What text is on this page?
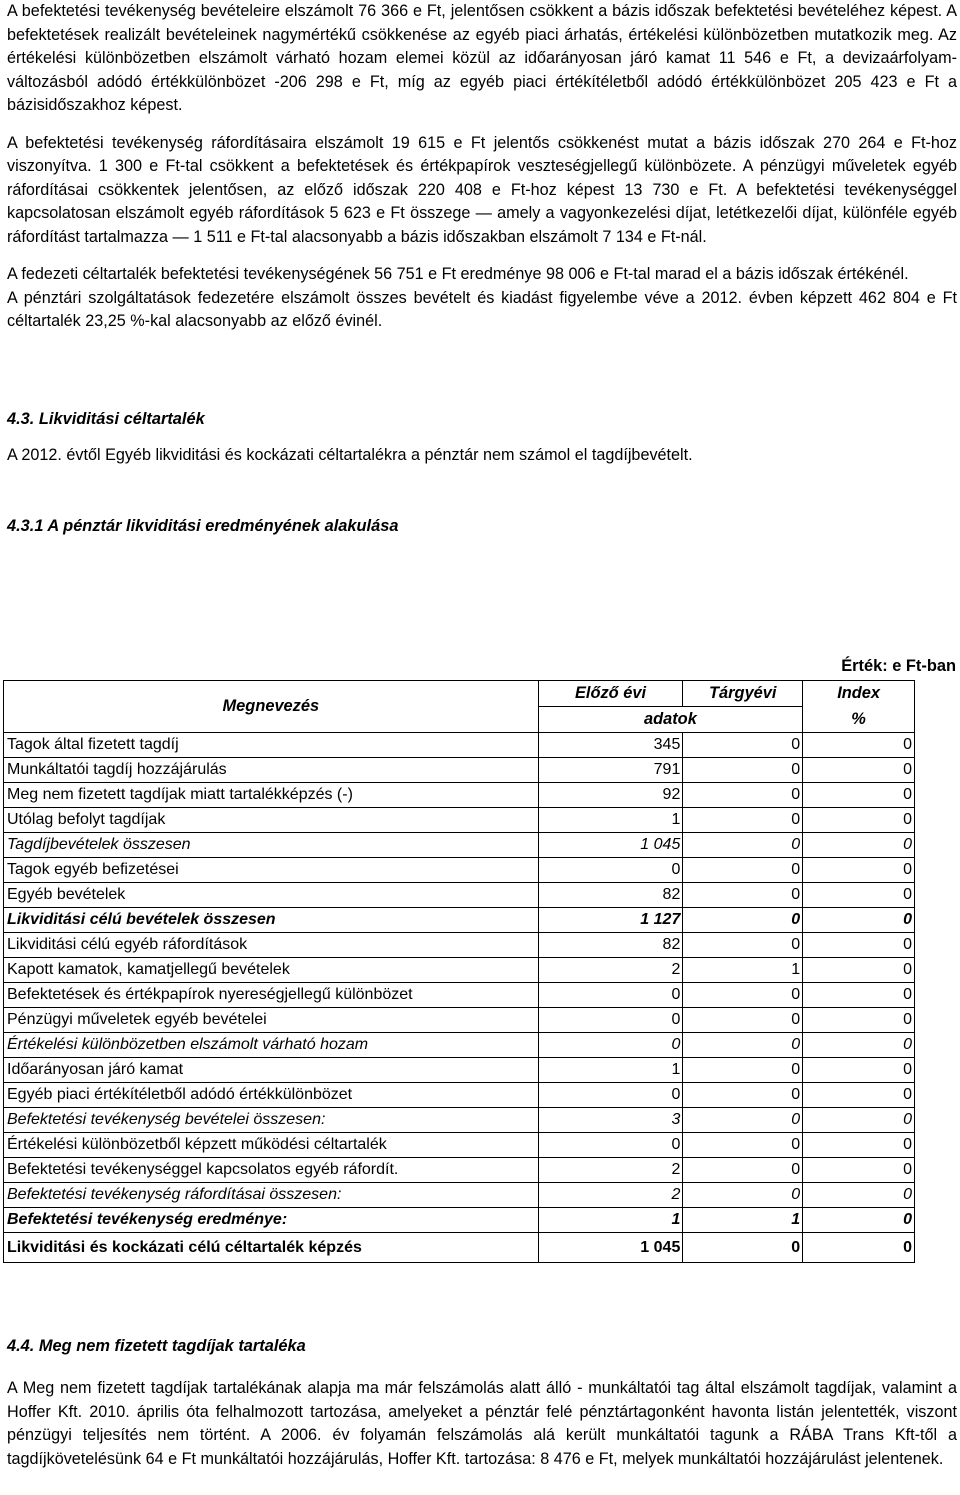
A befektetési tevékenység bevételeire elszámolt 76 366 e Ft, jelentősen csökkent a bázis időszak befektetési bevételéhez képest. A befektetések realizált bevételeinek nagymértékű csökkenése az egyéb piaci árhatás, értékelési különbözetben mutatkozik meg. Az értékelési különbözetben elszámolt várható hozam elemei közül az időarányosan járó kamat 11 546 e Ft, a devizaárfolyam-változásból adódó értékkülönbözet -206 298 e Ft, míg az egyéb piaci értékítéletből adódó értékkülönbözet 205 423 e Ft a bázisidőszakhoz képest.

A befektetési tevékenység ráfordításaira elszámolt 19 615 e Ft jelentős csökkenést mutat a bázis időszak 270 264 e Ft-hoz viszonyítva. 1 300 e Ft-tal csökkent a befektetések és értékpapírok veszteségjellegű különbözete. A pénzügyi műveletek egyéb ráfordításai csökkentek jelentősen, az előző időszak 220 408 e Ft-hoz képest 13 730 e Ft. A befektetési tevékenységgel kapcsolatosan elszámolt egyéb ráfordítások 5 623 e Ft összege — amely a vagyonkezelési díjat, letétkezelői díjat, különféle egyéb ráfordítást tartalmazza — 1 511 e Ft-tal alacsonyabb a bázis időszakban elszámolt 7 134 e Ft-nál.

A fedezeti céltartalék befektetési tevékenységének 56 751 e Ft eredménye 98 006 e Ft-tal marad el a bázis időszak értékénél.

A pénztári szolgáltatások fedezetére elszámolt összes bevételt és kiadást figyelembe véve a 2012. évben képzett 462 804 e Ft céltartalék 23,25 %-kal alacsonyabb az előző évinél.

4.3. Likviditási céltartalék

A 2012. évtől Egyéb likviditási és kockázati céltartalékra a pénztár nem számol el tagdíjbevételt.

4.3.1 A pénztár likviditási eredményének alakulása
Érték: e Ft-ban
Megnevezés	Előző évi	Tárgyévi	Index
	adatok		%
Tagok által fizetett tagdíj	345	0	0
Munkáltatói tagdíj hozzájárulás	791	0	0
Meg nem fizetett tagdíjak miatt tartalékképzés (-)	92	0	0
Utólag befolyt tagdíjak	1	0	0
Tagdíjbevételek összesen	1 045	0	0
Tagok egyéb befizetései	0	0	0
Egyéb bevételek	82	0	0
Likviditási célú bevételek összesen	1 127	0	0
Likviditási célú egyéb ráfordítások	82	0	0
Kapott kamatok, kamatjellegű bevételek	2	1	0
Befektetések és értékpapírok nyereségjellegű különbözet	0	0	0
Pénzügyi műveletek egyéb bevételei	0	0	0
Értékelési különbözetben elszámolt várható hozam	0	0	0
Időarányosan járó kamat	1	0	0
Egyéb piaci értékítéletből adódó értékkülönbözet	0	0	0
Befektetési tevékenység bevételei összesen:	3	0	0
Értékelési különbözetből képzett működési céltartalék	0	0	0
Befektetési tevékenységgel kapcsolatos egyéb ráfordít.	2	0	0
Befektetési tevékenység ráfordításai összesen:	2	0	0
Befektetési tevékenység eredménye:	1	1	0
Likviditási és kockázati célú céltartalék képzés	1 045	0	0
4.4. Meg nem fizetett tagdíjak tartaléka

A Meg nem fizetett tagdíjak tartalékának alapja ma már felszámolás alatt álló - munkáltatói tag által elszámolt tagdíjak, valamint a Hoffer Kft. 2010. április óta felhalmozott tartozása, amelyeket a pénztár felé pénztártagonként havonta listán jelentették, viszont pénzügyi teljesítés nem történt. A 2006. év folyamán felszámolás alá került munkáltatói tagunk a RÁBA Trans Kft-től a tagdíjkövetelésünk 64 e Ft munkáltatói hozzájárulás, Hoffer Kft. tartozása: 8 476 e Ft, melyek munkáltatói hozzájárulást jelentenek.
